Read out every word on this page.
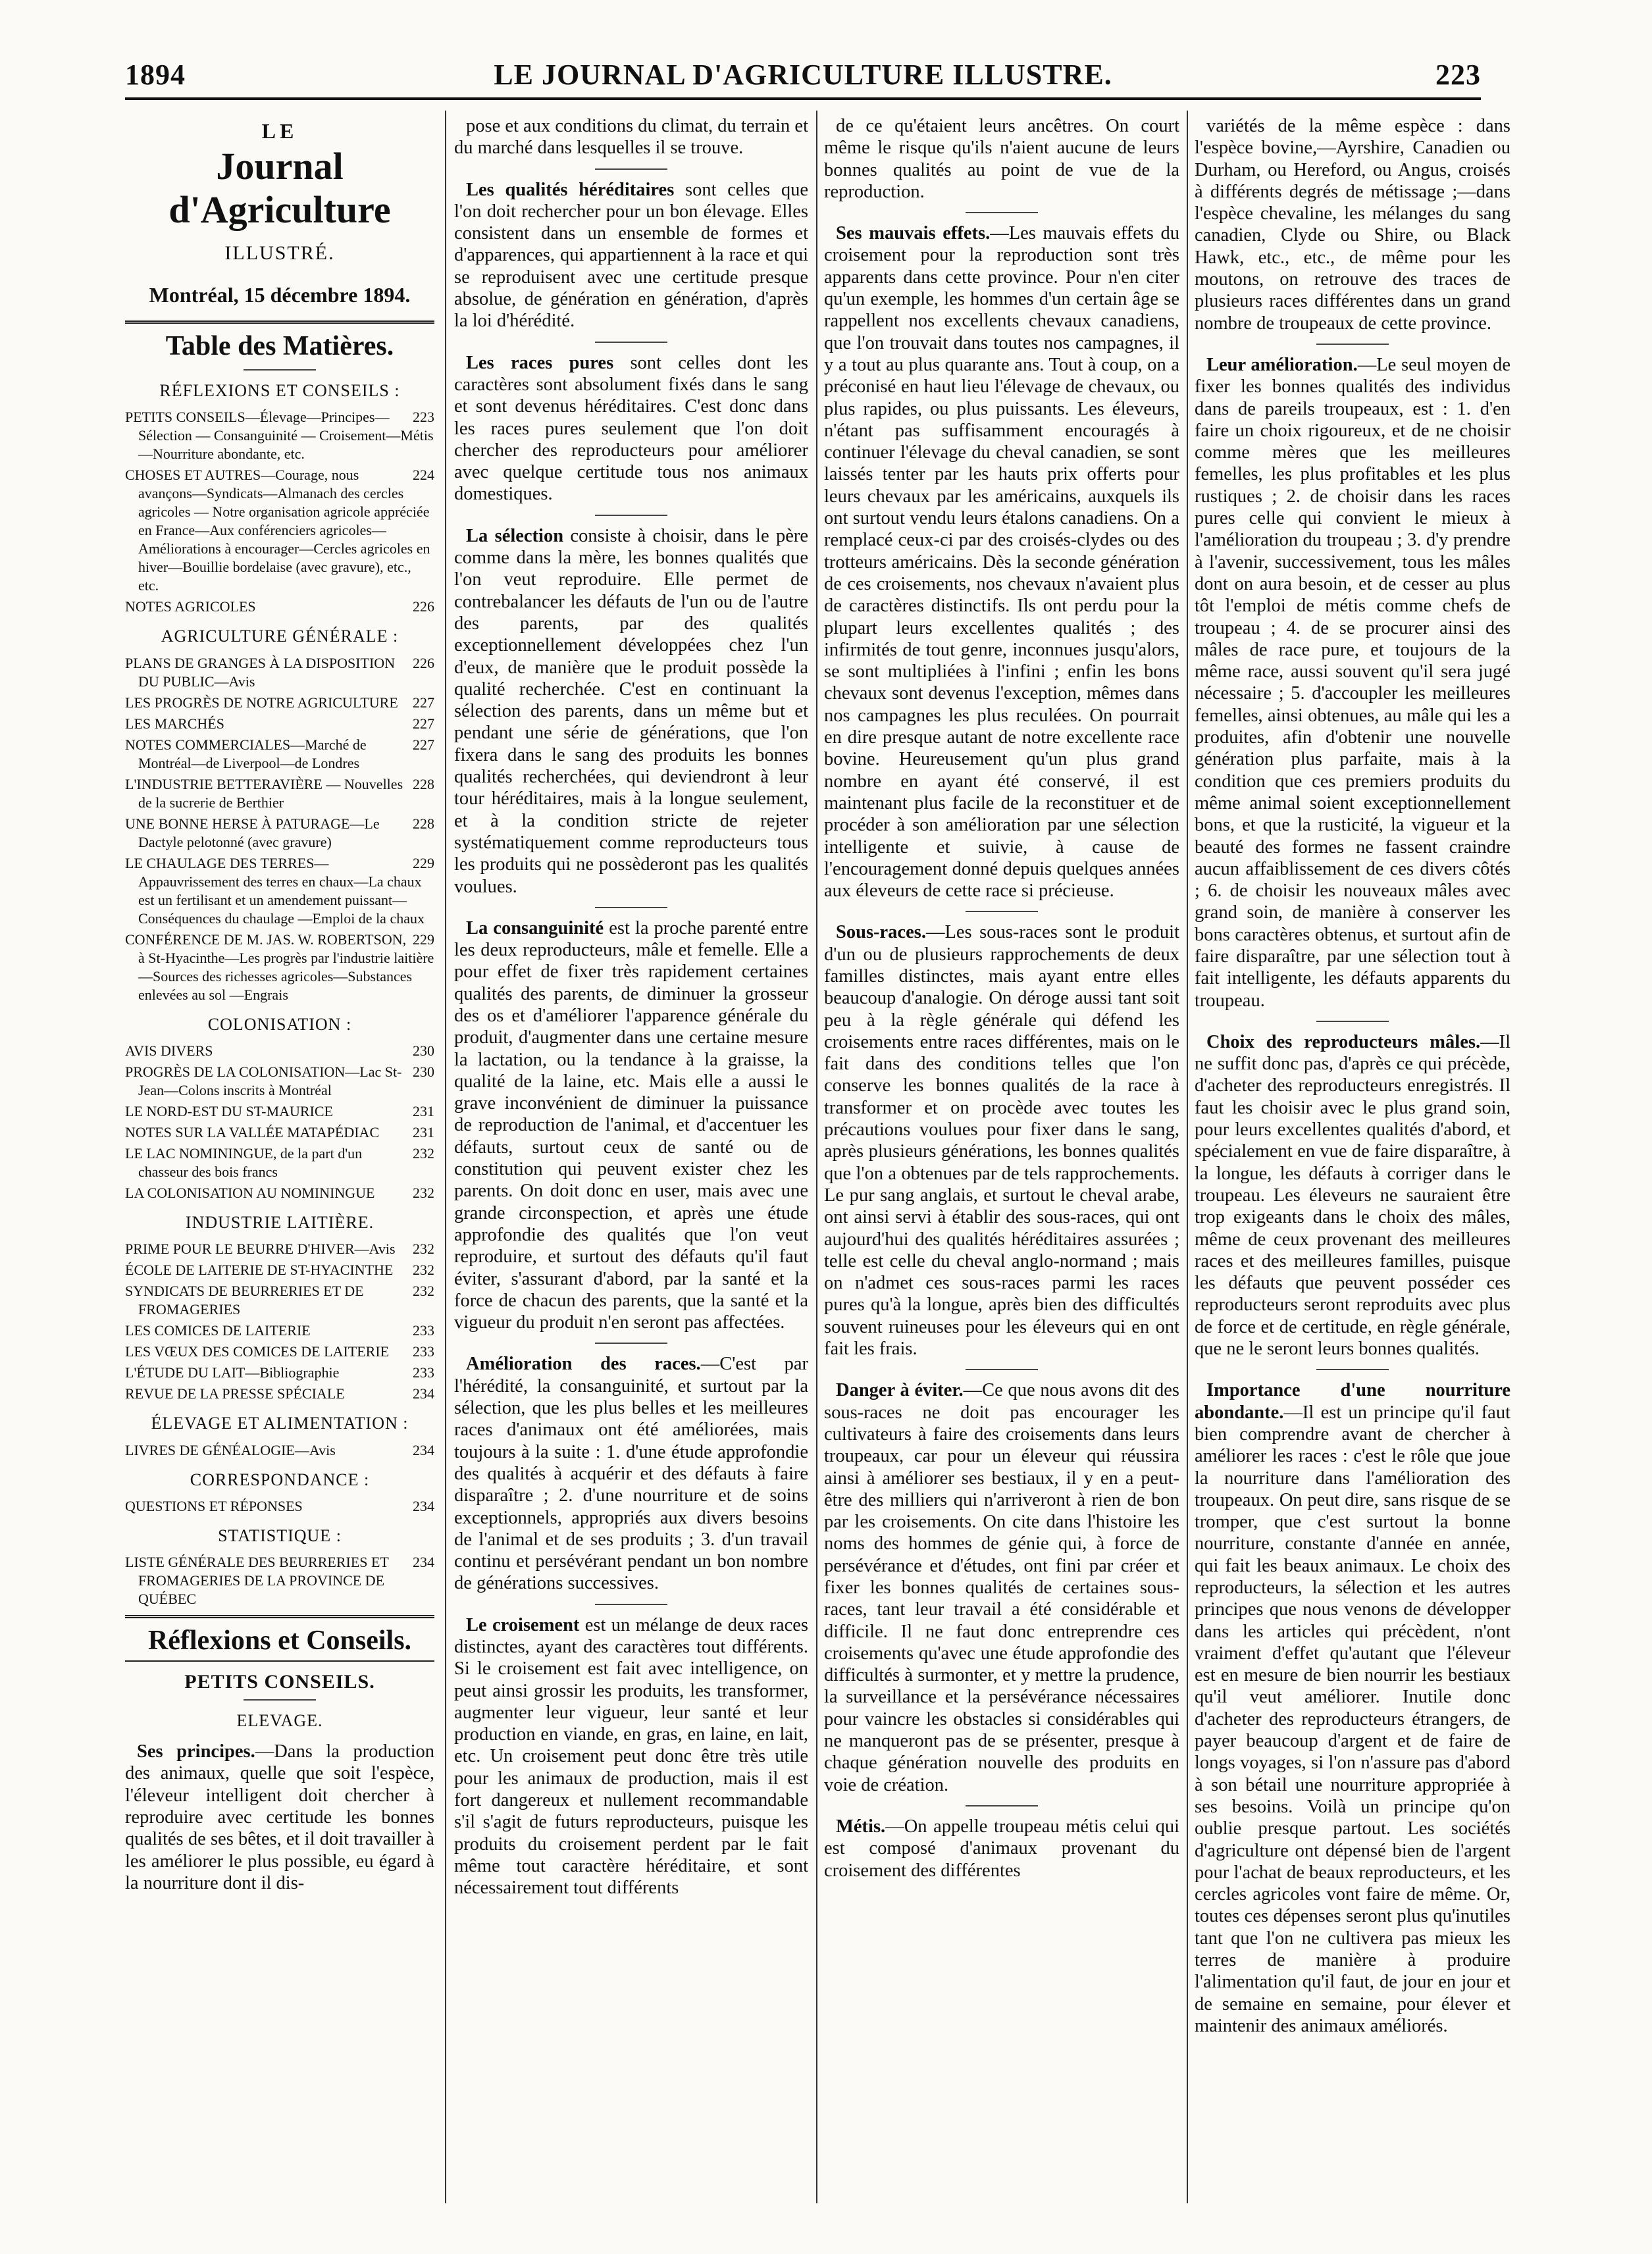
1894	LE JOURNAL D'AGRICULTURE ILLUSTRE.	223
LE
Journal d'Agriculture
ILLUSTRÉ.
Montréal, 15 décembre 1894.
Table des Matières.
RÉFLEXIONS ET CONSEILS :
223
PETITS CONSEILS—Élevage—Principes—Sélection — Consanguinité — Croisement—Métis—Nourriture abondante, etc.
224
CHOSES ET AUTRES—Courage, nous avançons—Syndicats—Almanach des cercles agricoles — Notre organisation agricole appréciée en France—Aux conférenciers agricoles—Améliorations à encourager—Cercles agricoles en hiver—Bouillie bordelaise (avec gravure), etc., etc.
226
NOTES AGRICOLES
AGRICULTURE GÉNÉRALE :
226
PLANS DE GRANGES À LA DISPOSITION DU PUBLIC—Avis
227
LES PROGRÈS DE NOTRE AGRICULTURE
227
LES MARCHÉS
227
NOTES COMMERCIALES—Marché de Montréal—de Liverpool—de Londres
228
L'INDUSTRIE BETTERAVIÈRE — Nouvelles de la sucrerie de Berthier
228
UNE BONNE HERSE À PATURAGE—Le Dactyle pelotonné (avec gravure)
229
LE CHAULAGE DES TERRES—Appauvrissement des terres en chaux—La chaux est un fertilisant et un amendement puissant—Conséquences du chaulage —Emploi de la chaux
229
CONFÉRENCE DE M. JAS. W. ROBERTSON, à St-Hyacinthe—Les progrès par l'industrie laitière—Sources des richesses agricoles—Substances enlevées au sol —Engrais
COLONISATION :
230
AVIS DIVERS
230
PROGRÈS DE LA COLONISATION—Lac St-Jean—Colons inscrits à Montréal
231
LE NORD-EST DU ST-MAURICE
231
NOTES SUR LA VALLÉE MATAPÉDIAC
232
LE LAC NOMININGUE, de la part d'un chasseur des bois francs
232
LA COLONISATION AU NOMININGUE
INDUSTRIE LAITIÈRE.
232
PRIME POUR LE BEURRE D'HIVER—Avis
232
ÉCOLE DE LAITERIE DE ST-HYACINTHE
232
SYNDICATS DE BEURRERIES ET DE FROMAGERIES
233
LES COMICES DE LAITERIE
233
LES VŒUX DES COMICES DE LAITERIE
233
L'ÉTUDE DU LAIT—Bibliographie
234
REVUE DE LA PRESSE SPÉCIALE
ÉLEVAGE ET ALIMENTATION :
234
LIVRES DE GÉNÉALOGIE—Avis
CORRESPONDANCE :
234
QUESTIONS ET RÉPONSES
STATISTIQUE :
234
LISTE GÉNÉRALE DES BEURRERIES ET FROMAGERIES DE LA PROVINCE DE QUÉBEC
Réflexions et Conseils.
PETITS CONSEILS.
ELEVAGE.

Ses principes.—Dans la production des animaux, quelle que soit l'espèce, l'éleveur intelligent doit chercher à reproduire avec certitude les bonnes qualités de ses bêtes, et il doit travailler à les améliorer le plus possible, eu égard à la nourriture dont il dis-

pose et aux conditions du climat, du terrain et du marché dans lesquelles il se trouve.

Les qualités héréditaires sont celles que l'on doit rechercher pour un bon élevage. Elles consistent dans un ensemble de formes et d'apparences, qui appartiennent à la race et qui se reproduisent avec une certitude presque absolue, de génération en génération, d'après la loi d'hérédité.

Les races pures sont celles dont les caractères sont absolument fixés dans le sang et sont devenus héréditaires. C'est donc dans les races pures seulement que l'on doit chercher des reproducteurs pour améliorer avec quelque certitude tous nos animaux domestiques.

La sélection consiste à choisir, dans le père comme dans la mère, les bonnes qualités que l'on veut reproduire. Elle permet de contrebalancer les défauts de l'un ou de l'autre des parents, par des qualités exceptionnellement développées chez l'un d'eux, de manière que le produit possède la qualité recherchée. C'est en continuant la sélection des parents, dans un même but et pendant une série de générations, que l'on fixera dans le sang des produits les bonnes qualités recherchées, qui deviendront à leur tour héréditaires, mais à la longue seulement, et à la condition stricte de rejeter systématiquement comme reproducteurs tous les produits qui ne possèderont pas les qualités voulues.

La consanguinité est la proche parenté entre les deux reproducteurs, mâle et femelle. Elle a pour effet de fixer très rapidement certaines qualités des parents, de diminuer la grosseur des os et d'améliorer l'apparence générale du produit, d'augmenter dans une certaine mesure la lactation, ou la tendance à la graisse, la qualité de la laine, etc. Mais elle a aussi le grave inconvénient de diminuer la puissance de reproduction de l'animal, et d'accentuer les défauts, surtout ceux de santé ou de constitution qui peuvent exister chez les parents. On doit donc en user, mais avec une grande circonspection, et après une étude approfondie des qualités que l'on veut reproduire, et surtout des défauts qu'il faut éviter, s'assurant d'abord, par la santé et la force de chacun des parents, que la santé et la vigueur du produit n'en seront pas affectées.

Amélioration des races.—C'est par l'hérédité, la consanguinité, et surtout par la sélection, que les plus belles et les meilleures races d'animaux ont été améliorées, mais toujours à la suite : 1. d'une étude approfondie des qualités à acquérir et des défauts à faire disparaître ; 2. d'une nourriture et de soins exceptionnels, appropriés aux divers besoins de l'animal et de ses produits ; 3. d'un travail continu et persévérant pendant un bon nombre de générations successives.

Le croisement est un mélange de deux races distinctes, ayant des caractères tout différents. Si le croisement est fait avec intelligence, on peut ainsi grossir les produits, les transformer, augmenter leur vigueur, leur santé et leur production en viande, en gras, en laine, en lait, etc. Un croisement peut donc être très utile pour les animaux de production, mais il est fort dangereux et nullement recommandable s'il s'agit de futurs reproducteurs, puisque les produits du croisement perdent par le fait même tout caractère héréditaire, et sont nécessairement tout différents

de ce qu'étaient leurs ancêtres. On court même le risque qu'ils n'aient aucune de leurs bonnes qualités au point de vue de la reproduction.

Ses mauvais effets.—Les mauvais effets du croisement pour la reproduction sont très apparents dans cette province. Pour n'en citer qu'un exemple, les hommes d'un certain âge se rappellent nos excellents chevaux canadiens, que l'on trouvait dans toutes nos campagnes, il y a tout au plus quarante ans. Tout à coup, on a préconisé en haut lieu l'élevage de chevaux, ou plus rapides, ou plus puissants. Les éleveurs, n'étant pas suffisamment encouragés à continuer l'élevage du cheval canadien, se sont laissés tenter par les hauts prix offerts pour leurs chevaux par les américains, auxquels ils ont surtout vendu leurs étalons canadiens. On a remplacé ceux-ci par des croisés-clydes ou des trotteurs américains. Dès la seconde génération de ces croisements, nos chevaux n'avaient plus de caractères distinctifs. Ils ont perdu pour la plupart leurs excellentes qualités ; des infirmités de tout genre, inconnues jusqu'alors, se sont multipliées à l'infini ; enfin les bons chevaux sont devenus l'exception, mêmes dans nos campagnes les plus reculées. On pourrait en dire presque autant de notre excellente race bovine. Heureusement qu'un plus grand nombre en ayant été conservé, il est maintenant plus facile de la reconstituer et de procéder à son amélioration par une sélection intelligente et suivie, à cause de l'encouragement donné depuis quelques années aux éleveurs de cette race si précieuse.

Sous-races.—Les sous-races sont le produit d'un ou de plusieurs rapprochements de deux familles distinctes, mais ayant entre elles beaucoup d'analogie. On déroge aussi tant soit peu à la règle générale qui défend les croisements entre races différentes, mais on le fait dans des conditions telles que l'on conserve les bonnes qualités de la race à transformer et on procède avec toutes les précautions voulues pour fixer dans le sang, après plusieurs générations, les bonnes qualités que l'on a obtenues par de tels rapprochements. Le pur sang anglais, et surtout le cheval arabe, ont ainsi servi à établir des sous-races, qui ont aujourd'hui des qualités héréditaires assurées ; telle est celle du cheval anglo-normand ; mais on n'admet ces sous-races parmi les races pures qu'à la longue, après bien des difficultés souvent ruineuses pour les éleveurs qui en ont fait les frais.

Danger à éviter.—Ce que nous avons dit des sous-races ne doit pas encourager les cultivateurs à faire des croisements dans leurs troupeaux, car pour un éleveur qui réussira ainsi à améliorer ses bestiaux, il y en a peut-être des milliers qui n'arriveront à rien de bon par les croisements. On cite dans l'histoire les noms des hommes de génie qui, à force de persévérance et d'études, ont fini par créer et fixer les bonnes qualités de certaines sous-races, tant leur travail a été considérable et difficile. Il ne faut donc entreprendre ces croisements qu'avec une étude approfondie des difficultés à surmonter, et y mettre la prudence, la surveillance et la persévérance nécessaires pour vaincre les obstacles si considérables qui ne manqueront pas de se présenter, presque à chaque génération nouvelle des produits en voie de création.

Métis.—On appelle troupeau métis celui qui est composé d'animaux provenant du croisement des différentes

variétés de la même espèce : dans l'espèce bovine,—Ayrshire, Canadien ou Durham, ou Hereford, ou Angus, croisés à différents degrés de métissage ;—dans l'espèce chevaline, les mélanges du sang canadien, Clyde ou Shire, ou Black Hawk, etc., etc., de même pour les moutons, on retrouve des traces de plusieurs races différentes dans un grand nombre de troupeaux de cette province.

Leur amélioration.—Le seul moyen de fixer les bonnes qualités des individus dans de pareils troupeaux, est : 1. d'en faire un choix rigoureux, et de ne choisir comme mères que les meilleures femelles, les plus profitables et les plus rustiques ; 2. de choisir dans les races pures celle qui convient le mieux à l'amélioration du troupeau ; 3. d'y prendre à l'avenir, successivement, tous les mâles dont on aura besoin, et de cesser au plus tôt l'emploi de métis comme chefs de troupeau ; 4. de se procurer ainsi des mâles de race pure, et toujours de la même race, aussi souvent qu'il sera jugé nécessaire ; 5. d'accoupler les meilleures femelles, ainsi obtenues, au mâle qui les a produites, afin d'obtenir une nouvelle génération plus parfaite, mais à la condition que ces premiers produits du même animal soient exceptionnellement bons, et que la rusticité, la vigueur et la beauté des formes ne fassent craindre aucun affaiblissement de ces divers côtés ; 6. de choisir les nouveaux mâles avec grand soin, de manière à conserver les bons caractères obtenus, et surtout afin de faire disparaître, par une sélection tout à fait intelligente, les défauts apparents du troupeau.

Choix des reproducteurs mâles.—Il ne suffit donc pas, d'après ce qui précède, d'acheter des reproducteurs enregistrés. Il faut les choisir avec le plus grand soin, pour leurs excellentes qualités d'abord, et spécialement en vue de faire disparaître, à la longue, les défauts à corriger dans le troupeau. Les éleveurs ne sauraient être trop exigeants dans le choix des mâles, même de ceux provenant des meilleures races et des meilleures familles, puisque les défauts que peuvent posséder ces reproducteurs seront reproduits avec plus de force et de certitude, en règle générale, que ne le seront leurs bonnes qualités.

Importance d'une nourriture abondante.—Il est un principe qu'il faut bien comprendre avant de chercher à améliorer les races : c'est le rôle que joue la nourriture dans l'amélioration des troupeaux. On peut dire, sans risque de se tromper, que c'est surtout la bonne nourriture, constante d'année en année, qui fait les beaux animaux. Le choix des reproducteurs, la sélection et les autres principes que nous venons de développer dans les articles qui précèdent, n'ont vraiment d'effet qu'autant que l'éleveur est en mesure de bien nourrir les bestiaux qu'il veut améliorer. Inutile donc d'acheter des reproducteurs étrangers, de payer beaucoup d'argent et de faire de longs voyages, si l'on n'assure pas d'abord à son bétail une nourriture appropriée à ses besoins. Voilà un principe qu'on oublie presque partout. Les sociétés d'agriculture ont dépensé bien de l'argent pour l'achat de beaux reproducteurs, et les cercles agricoles vont faire de même. Or, toutes ces dépenses seront plus qu'inutiles tant que l'on ne cultivera pas mieux les terres de manière à produire l'alimentation qu'il faut, de jour en jour et de semaine en semaine, pour élever et maintenir des animaux améliorés.
